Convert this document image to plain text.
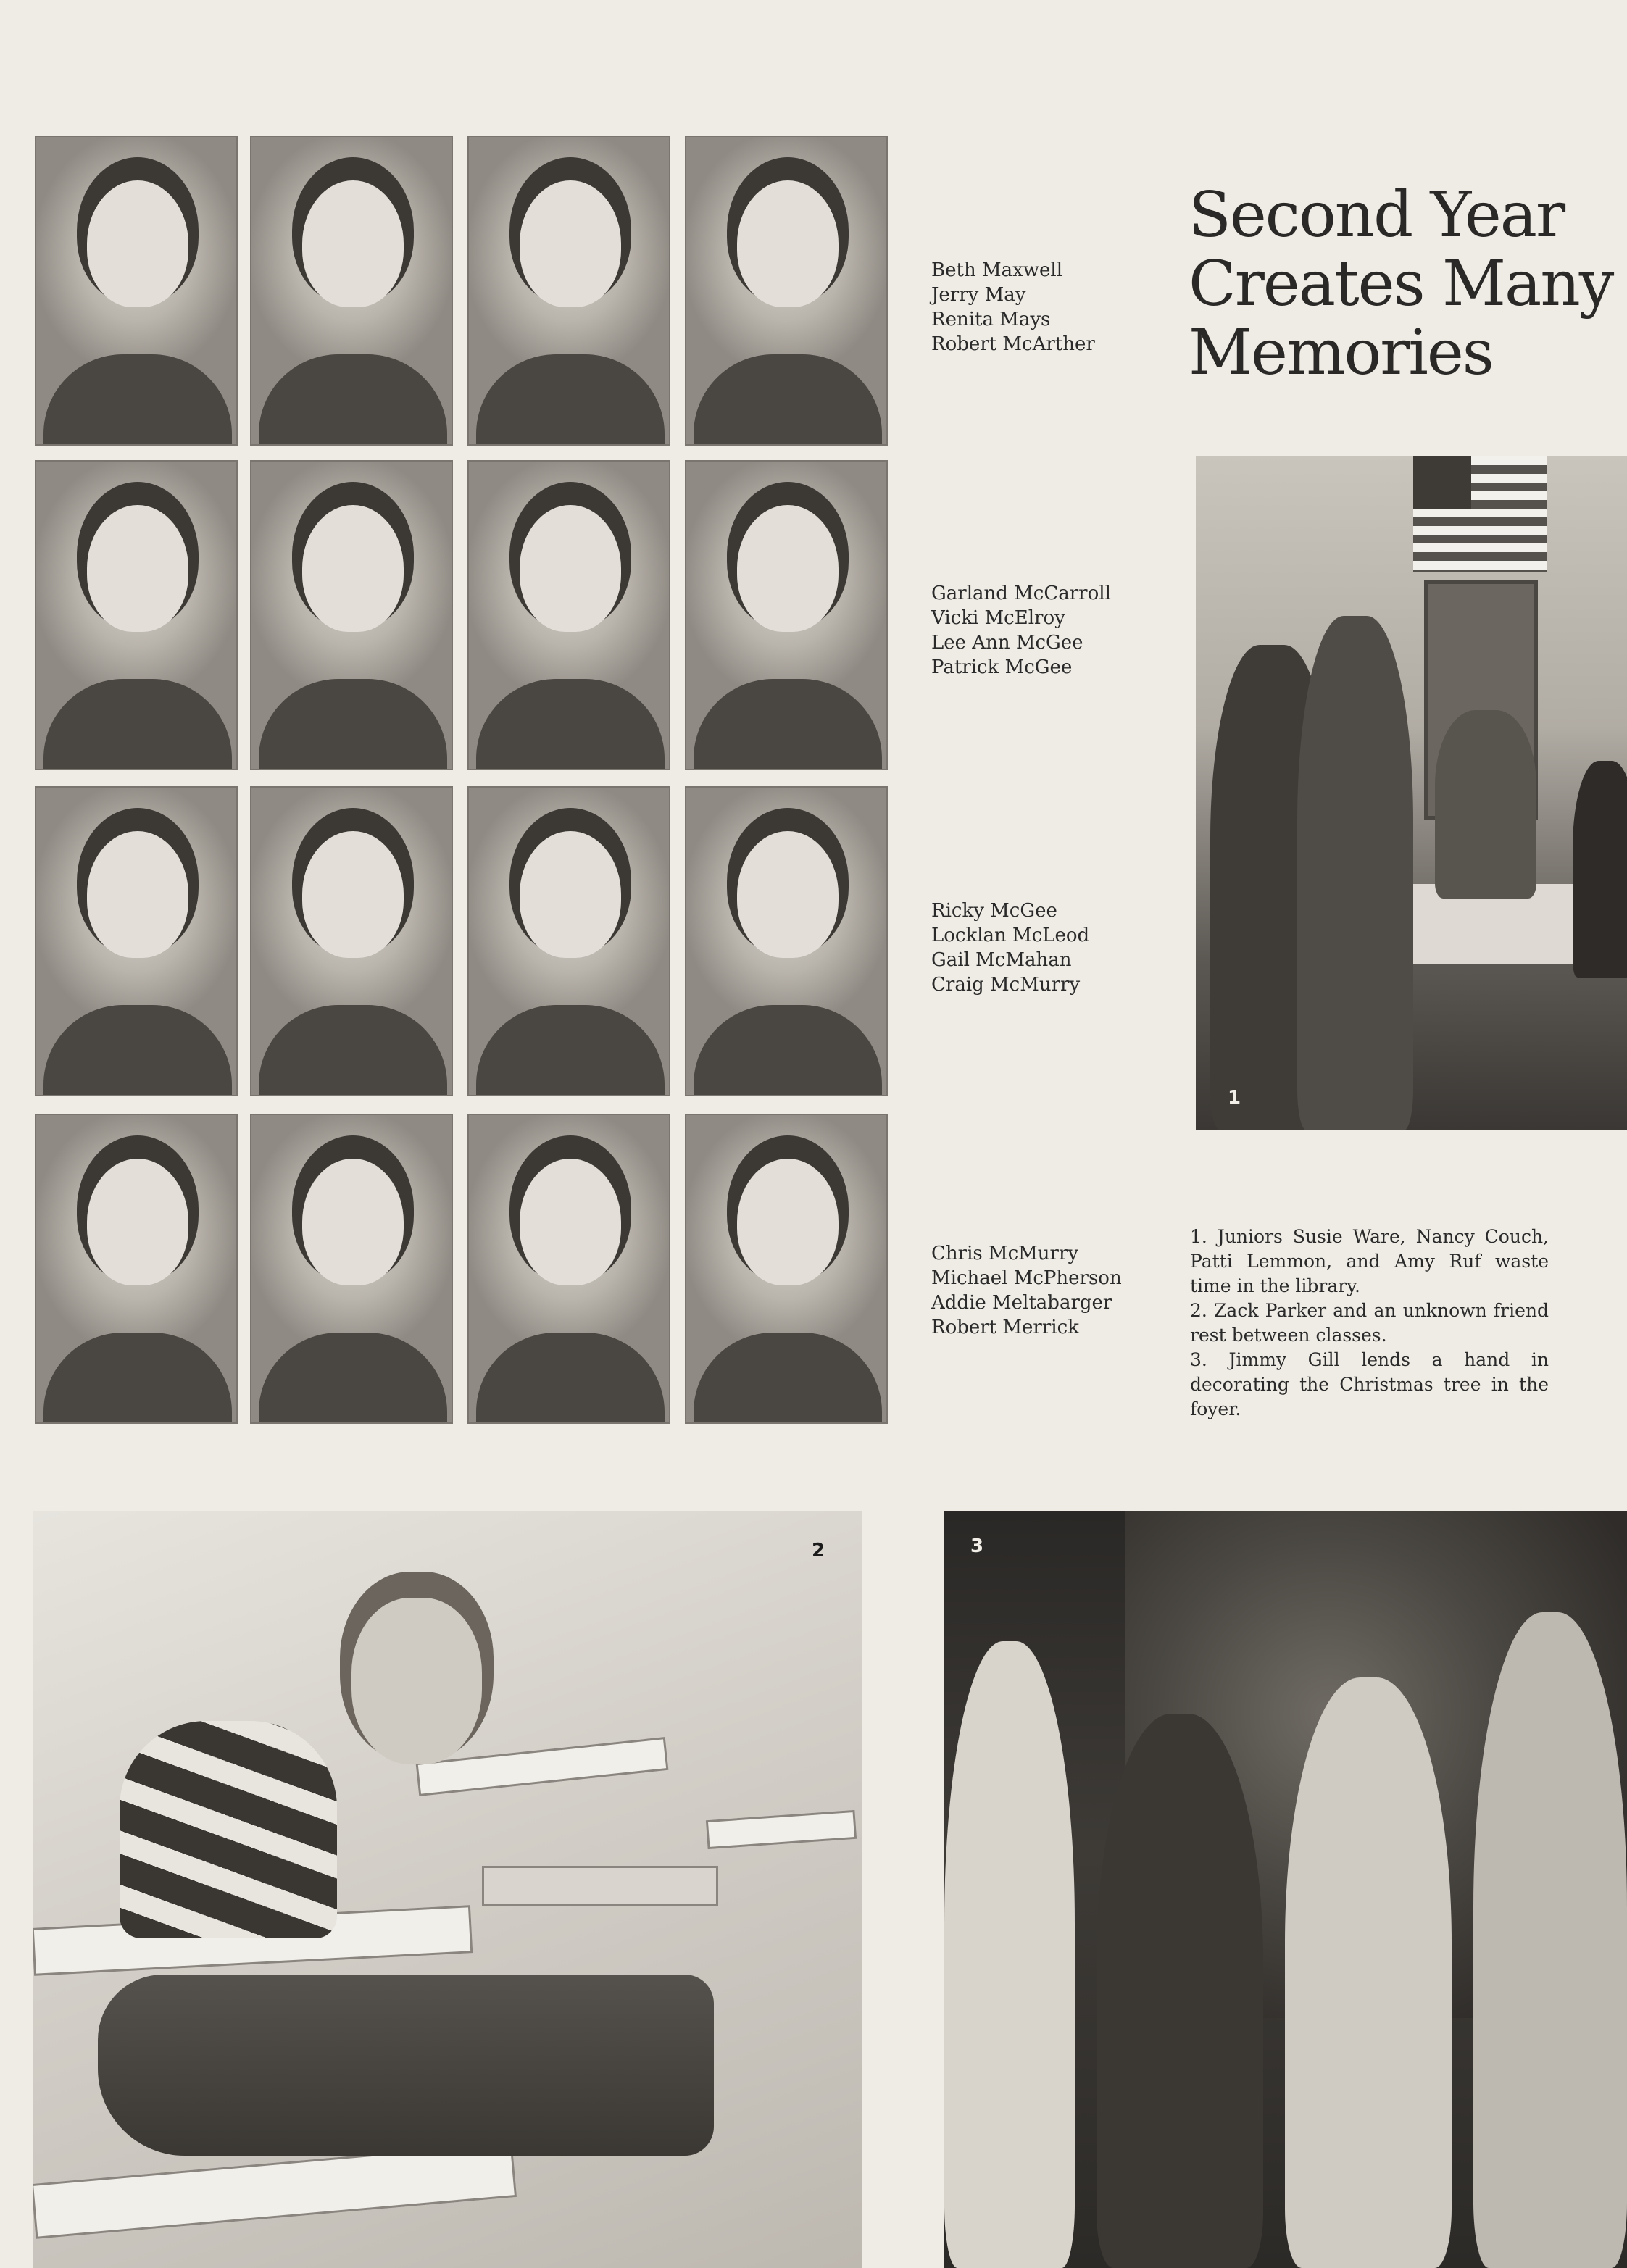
Beth Maxwell
Jerry May
Renita Mays
Robert McArther
Garland McCarroll
Vicki McElroy
Lee Ann McGee
Patrick McGee
Ricky McGee
Locklan McLeod
Gail McMahan
Craig McMurry
Chris McMurry
Michael McPherson
Addie Meltabarger
Robert Merrick
Second Year
Creates Many
Memories
1
1. Juniors Susie Ware, Nancy Couch, Patti Lemmon, and Amy Ruf waste time in the library.
2. Zack Parker and an unknown friend rest between classes.
3. Jimmy Gill lends a hand in decorating the Christmas tree in the foyer.
2	3
